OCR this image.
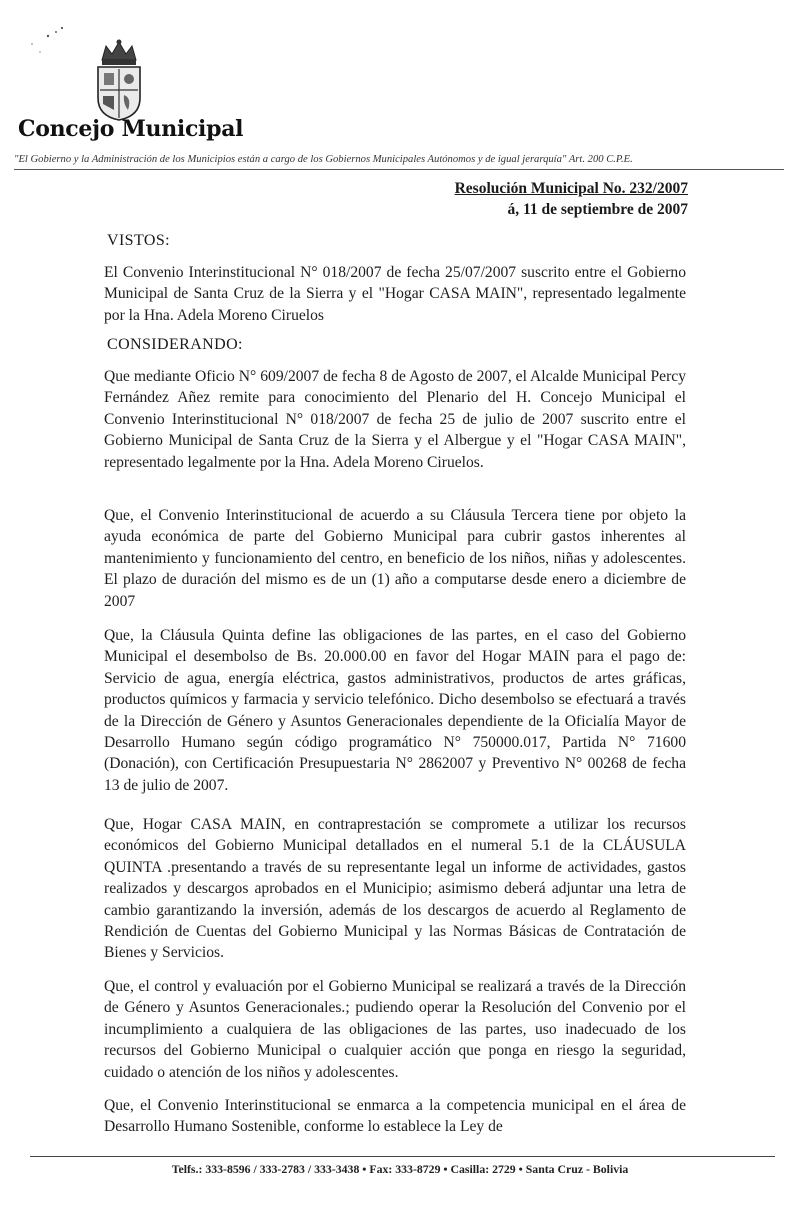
Concejo Municipal
"El Gobierno y la Administración de los Municipios están a cargo de los Gobiernos Municipales Autónomos y de igual jerarquía" Art. 200 C.P.E.
Resolución Municipal No. 232/2007
á, 11 de septiembre de 2007
VISTOS:
El Convenio Interinstitucional N° 018/2007 de fecha 25/07/2007 suscrito entre el Gobierno Municipal de Santa Cruz de la Sierra y el "Hogar CASA MAIN", representado legalmente por la Hna. Adela Moreno Ciruelos
CONSIDERANDO:
Que mediante Oficio N° 609/2007 de fecha 8 de Agosto de 2007, el Alcalde Municipal Percy Fernández Añez remite para conocimiento del Plenario del H. Concejo Municipal el Convenio Interinstitucional N° 018/2007 de fecha 25 de julio de 2007 suscrito entre el Gobierno Municipal de Santa Cruz de la Sierra y el Albergue y el "Hogar CASA MAIN", representado legalmente por la Hna. Adela Moreno Ciruelos.
Que, el Convenio Interinstitucional de acuerdo a su Cláusula Tercera tiene por objeto la ayuda económica de parte del Gobierno Municipal para cubrir gastos inherentes al mantenimiento y funcionamiento del centro, en beneficio de los niños, niñas y adolescentes. El plazo de duración del mismo es de un (1) año a computarse desde enero a diciembre de 2007
Que, la Cláusula Quinta define las obligaciones de las partes, en el caso del Gobierno Municipal el desembolso de Bs. 20.000.00 en favor del Hogar MAIN para el pago de: Servicio de agua, energía eléctrica, gastos administrativos, productos de artes gráficas, productos químicos y farmacia y servicio telefónico. Dicho desembolso se efectuará a través de la Dirección de Género y Asuntos Generacionales dependiente de la Oficialía Mayor de Desarrollo Humano según código programático N° 750000.017, Partida N° 71600 (Donación), con Certificación Presupuestaria N° 2862007 y Preventivo N° 00268 de fecha 13 de julio de 2007.
Que, Hogar CASA MAIN, en contraprestación se compromete a utilizar los recursos económicos del Gobierno Municipal detallados en el numeral 5.1 de la CLÁUSULA QUINTA .presentando a través de su representante legal un informe de actividades, gastos realizados y descargos aprobados en el Municipio; asimismo deberá adjuntar una letra de cambio garantizando la inversión, además de los descargos de acuerdo al Reglamento de Rendición de Cuentas del Gobierno Municipal y las Normas Básicas de Contratación de Bienes y Servicios.
Que, el control y evaluación por el Gobierno Municipal se realizará a través de la Dirección de Género y Asuntos Generacionales.; pudiendo operar la Resolución del Convenio por el incumplimiento a cualquiera de las obligaciones de las partes, uso inadecuado de los recursos del Gobierno Municipal o cualquier acción que ponga en riesgo la seguridad, cuidado o atención de los niños y adolescentes.
Que, el Convenio Interinstitucional se enmarca a la competencia municipal en el área de Desarrollo Humano Sostenible, conforme lo establece la Ley de
Telfs.: 333-8596 / 333-2783 / 333-3438 • Fax: 333-8729 • Casilla: 2729 • Santa Cruz - Bolivia
